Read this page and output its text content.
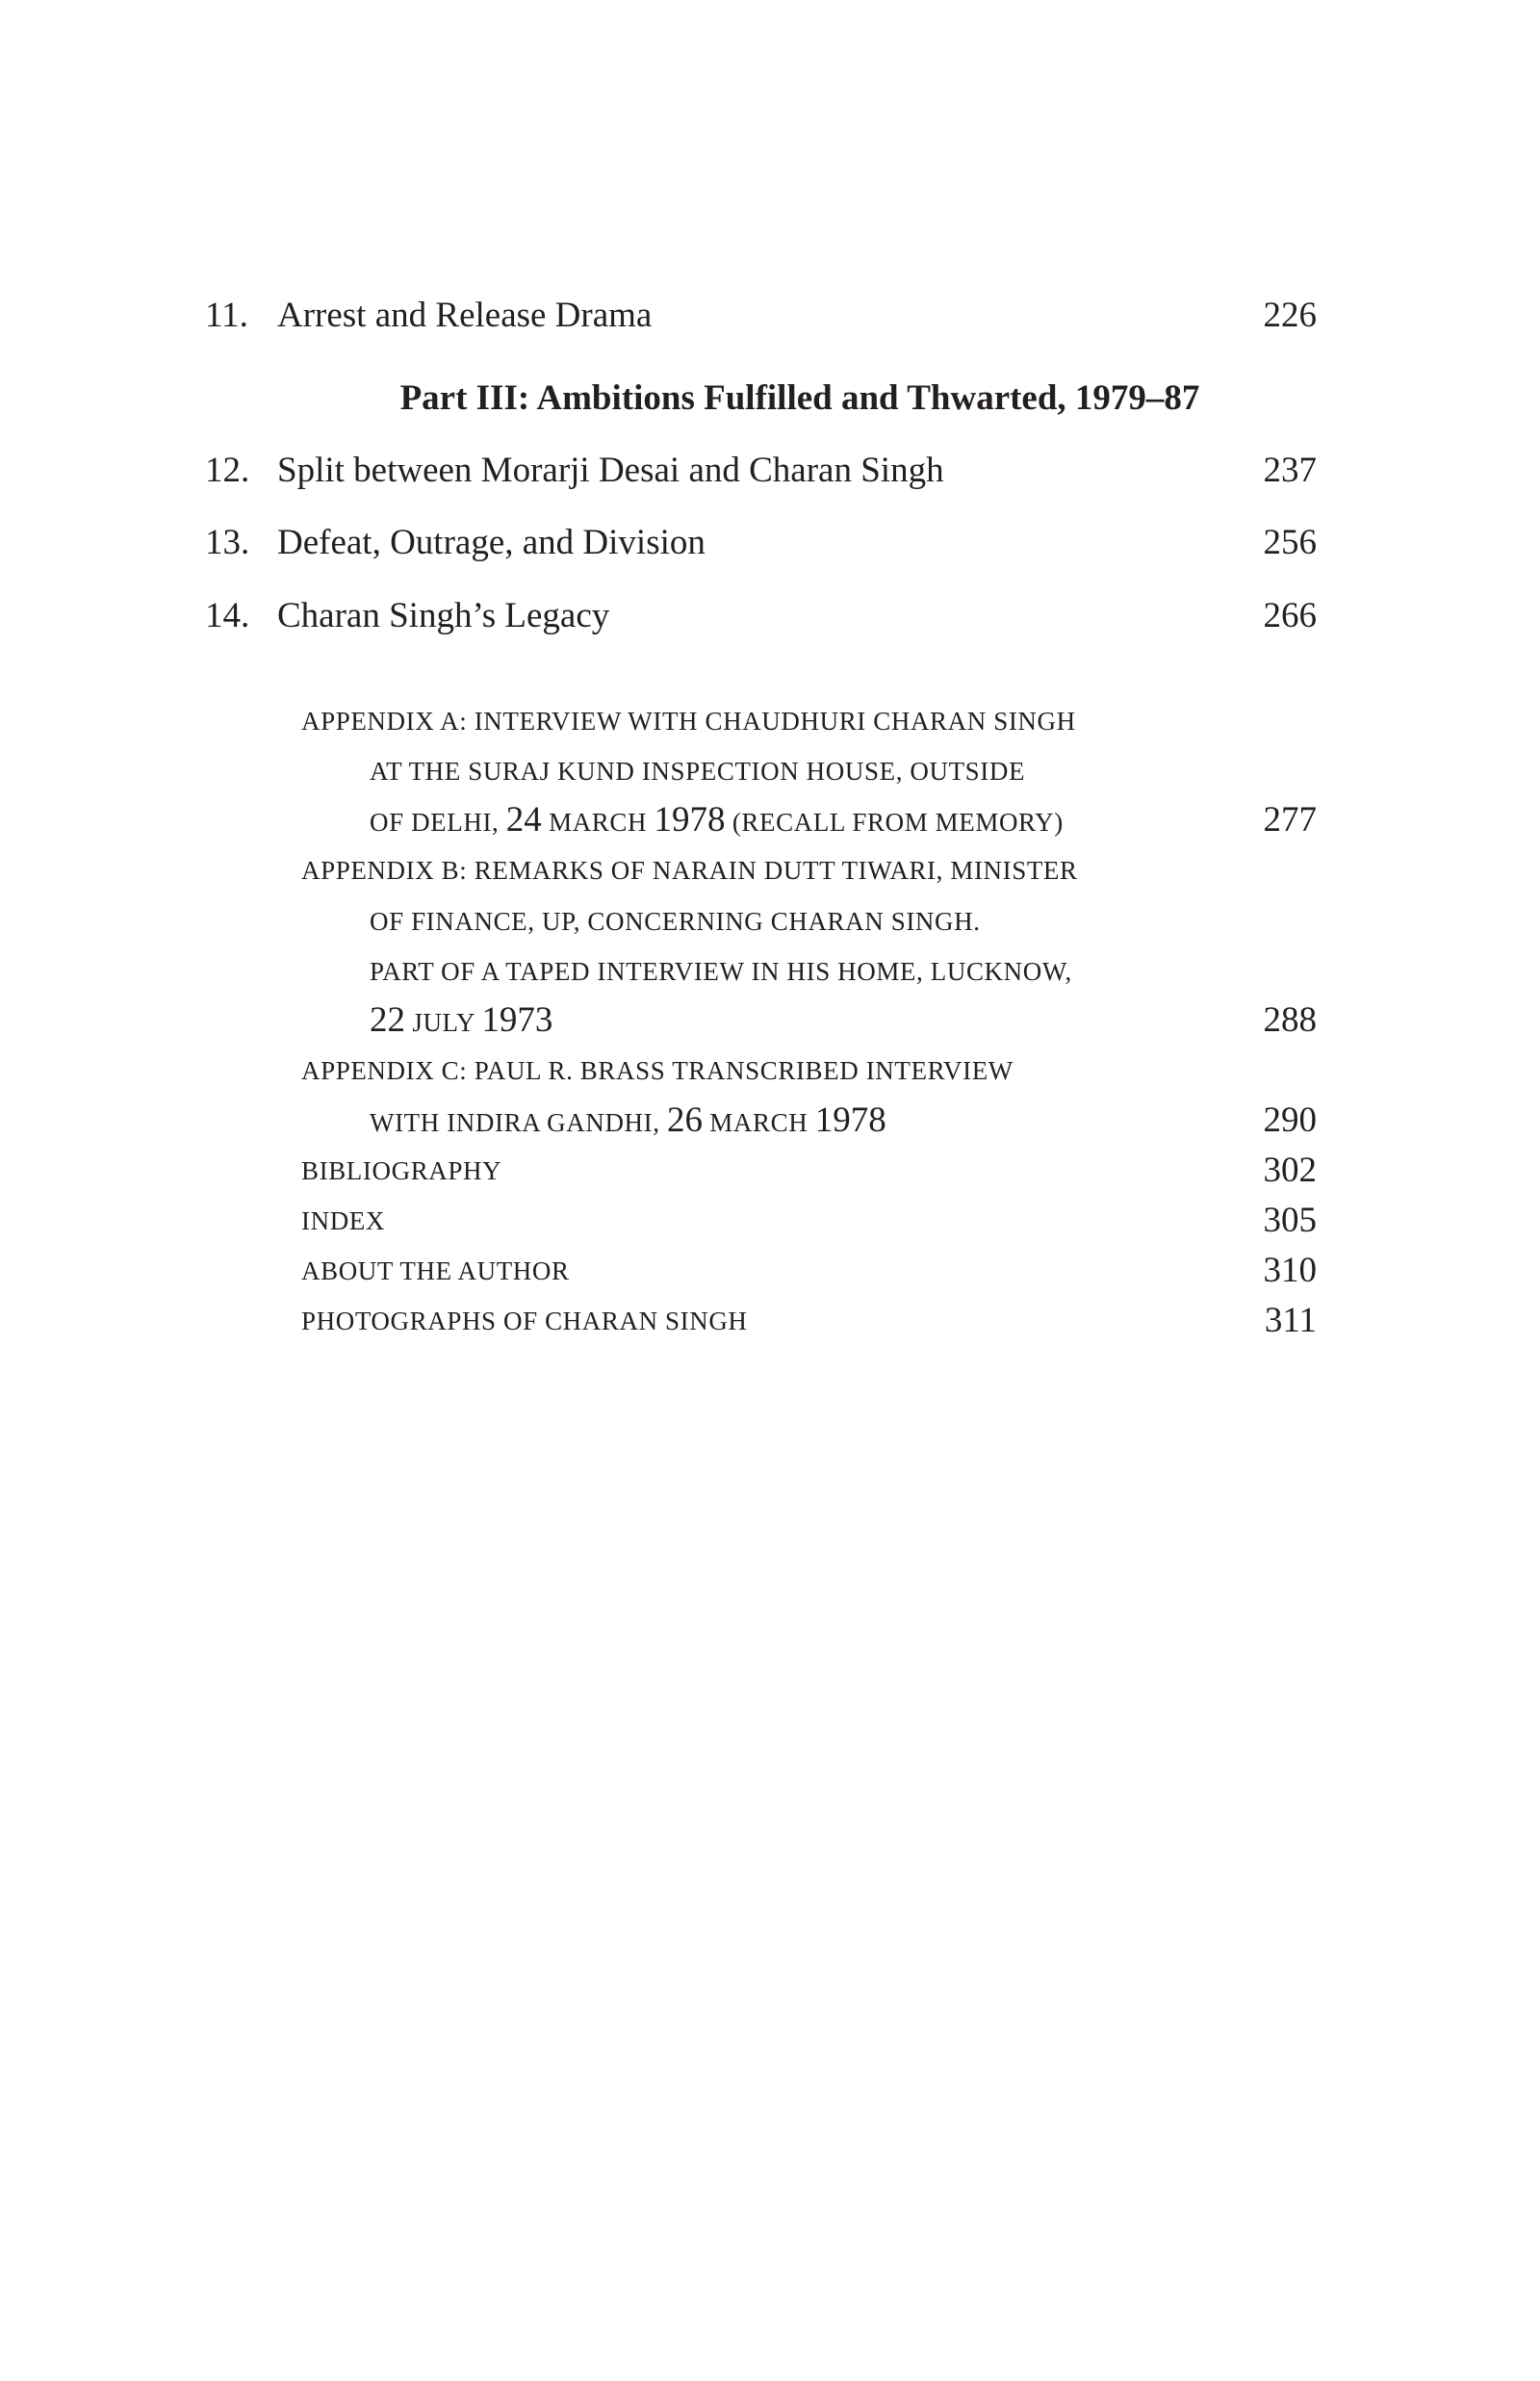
11. Arrest and Release Drama	226
Part III: Ambitions Fulfilled and Thwarted, 1979–87
12. Split between Morarji Desai and Charan Singh	237
13. Defeat, Outrage, and Division	256
14. Charan Singh’s Legacy	266
APPENDIX A: INTERVIEW WITH CHAUDHURI CHARAN SINGH
AT THE SURAJ KUND INSPECTION HOUSE, OUTSIDE
OF DELHI, 24 MARCH 1978 (RECALL FROM MEMORY)	277
APPENDIX B: REMARKS OF NARAIN DUTT TIWARI, MINISTER
OF FINANCE, UP, CONCERNING CHARAN SINGH.
PART OF A TAPED INTERVIEW IN HIS HOME, LUCKNOW,
22 JULY 1973	288
APPENDIX C: PAUL R. BRASS TRANSCRIBED INTERVIEW
WITH INDIRA GANDHI, 26 MARCH 1978	290
BIBLIOGRAPHY	302
INDEX	305
ABOUT THE AUTHOR	310
PHOTOGRAPHS OF CHARAN SINGH	311
